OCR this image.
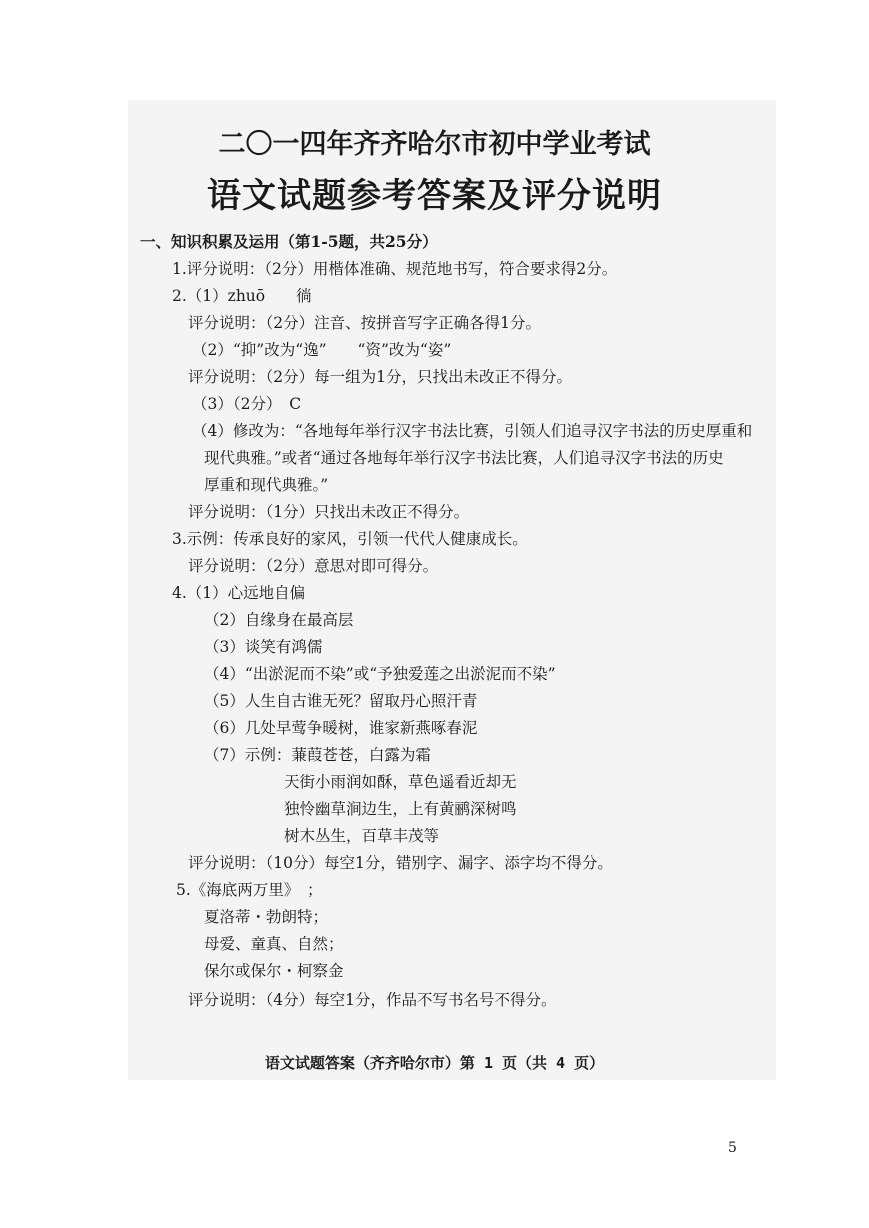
二〇一四年齐齐哈尔市初中学业考试
语文试题参考答案及评分说明
一、知识积累及运用（第1-5题，共25分）
1.评分说明：（2分）用楷体准确、规范地书写，符合要求得2分。
2.（1）zhuō　　徜
评分说明：（2分）注音、按拼音写字正确各得1分。
（2）“抑”改为“逸”　　“资”改为“姿”
评分说明：（2分）每一组为1分，只找出未改正不得分。
（3）（2分）　C
（4）修改为：“各地每年举行汉字书法比赛，引领人们追寻汉字书法的历史厚重和
现代典雅。”或者“通过各地每年举行汉字书法比赛，人们追寻汉字书法的历史
厚重和现代典雅。”
评分说明：（1分）只找出未改正不得分。
3.示例：传承良好的家风，引领一代代人健康成长。
评分说明：（2分）意思对即可得分。
4.（1）心远地自偏
（2）自缘身在最高层
（3）谈笑有鸿儒
（4）“出淤泥而不染”或“予独爱莲之出淤泥而不染”
（5）人生自古谁无死？留取丹心照汗青
（6）几处早莺争暖树，谁家新燕啄春泥
（7）示例：蒹葭苍苍，白露为霜
天街小雨润如酥，草色遥看近却无
独怜幽草涧边生，上有黄鹂深树鸣
树木丛生，百草丰茂等
评分说明：（10分）每空1分，错别字、漏字、添字均不得分。
5.《海底两万里》　；
夏洛蒂・勃朗特；
母爱、童真、自然；
保尔或保尔・柯察金
评分说明：（4分）每空1分，作品不写书名号不得分。
语文试题答案（齐齐哈尔市）第 1 页（共 4 页）
5
